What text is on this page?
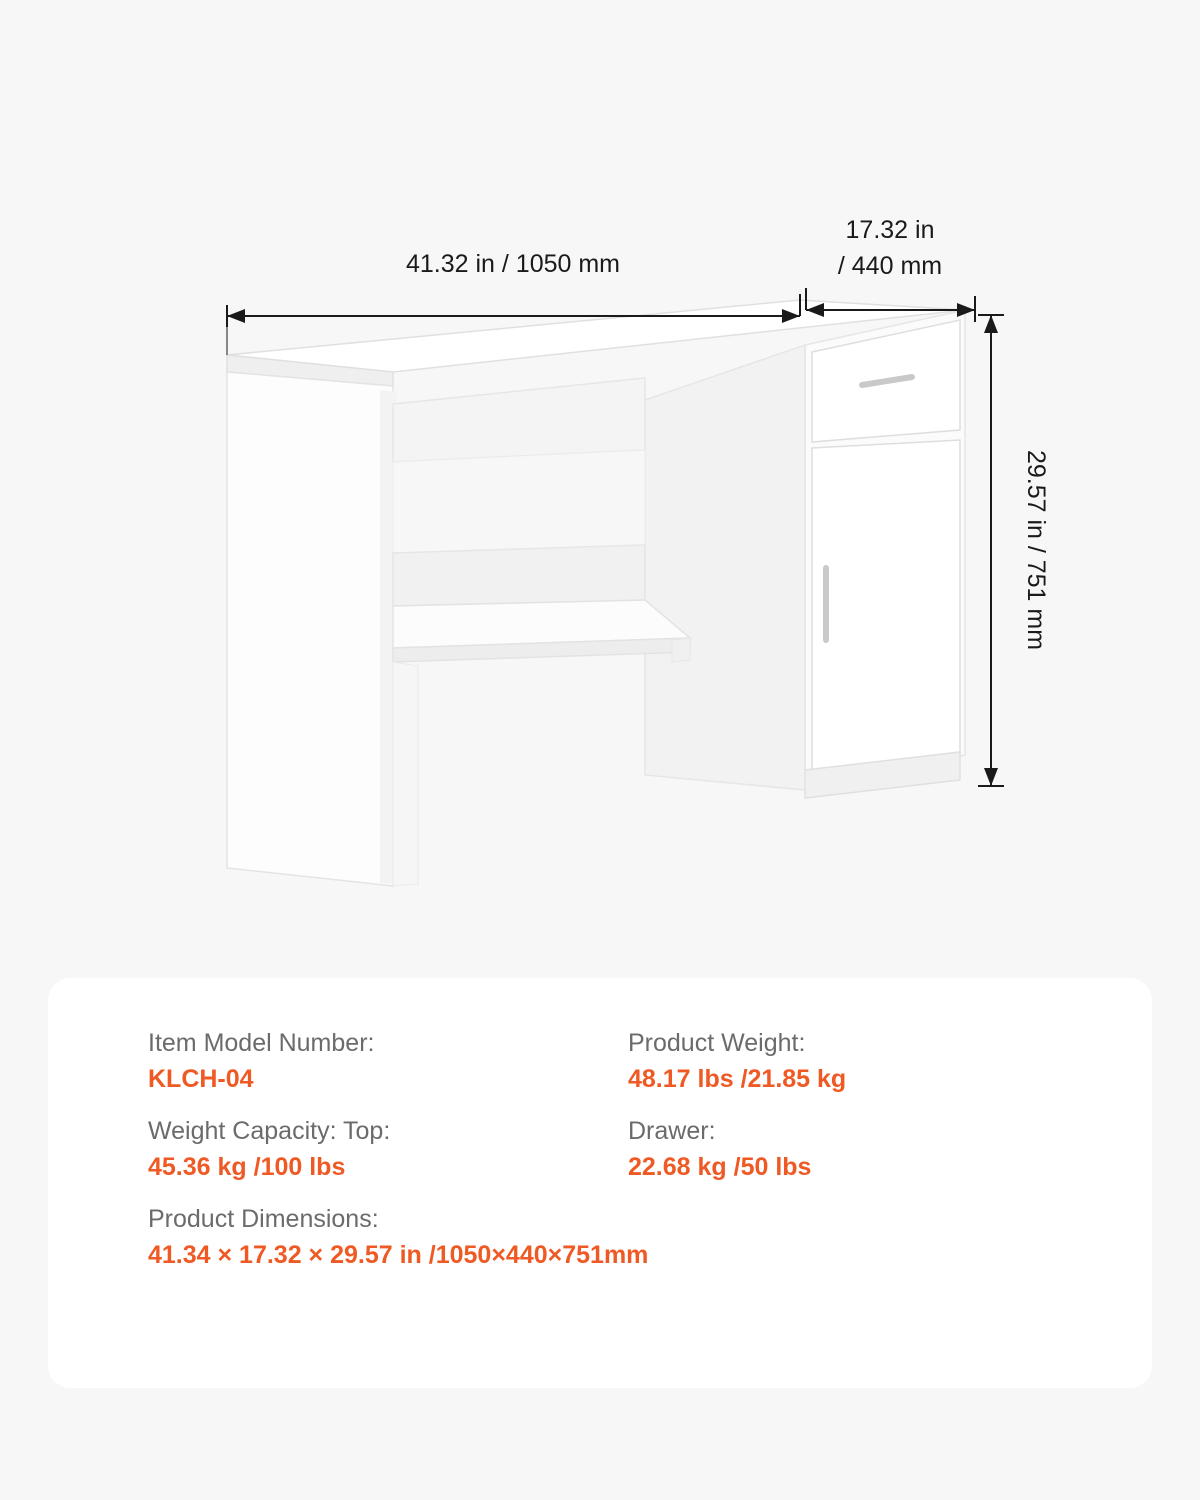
41.32 in / 1050 mm
17.32 in
/ 440 mm
29.57 in / 751 mm

Item Model Number:

KLCH-04

Product Weight:

48.17 lbs /21.85 kg

Weight Capacity: Top:

45.36 kg /100 lbs

Drawer:

22.68 kg /50 lbs

Product Dimensions:

41.34 × 17.32 × 29.57 in /1050×440×751mm
